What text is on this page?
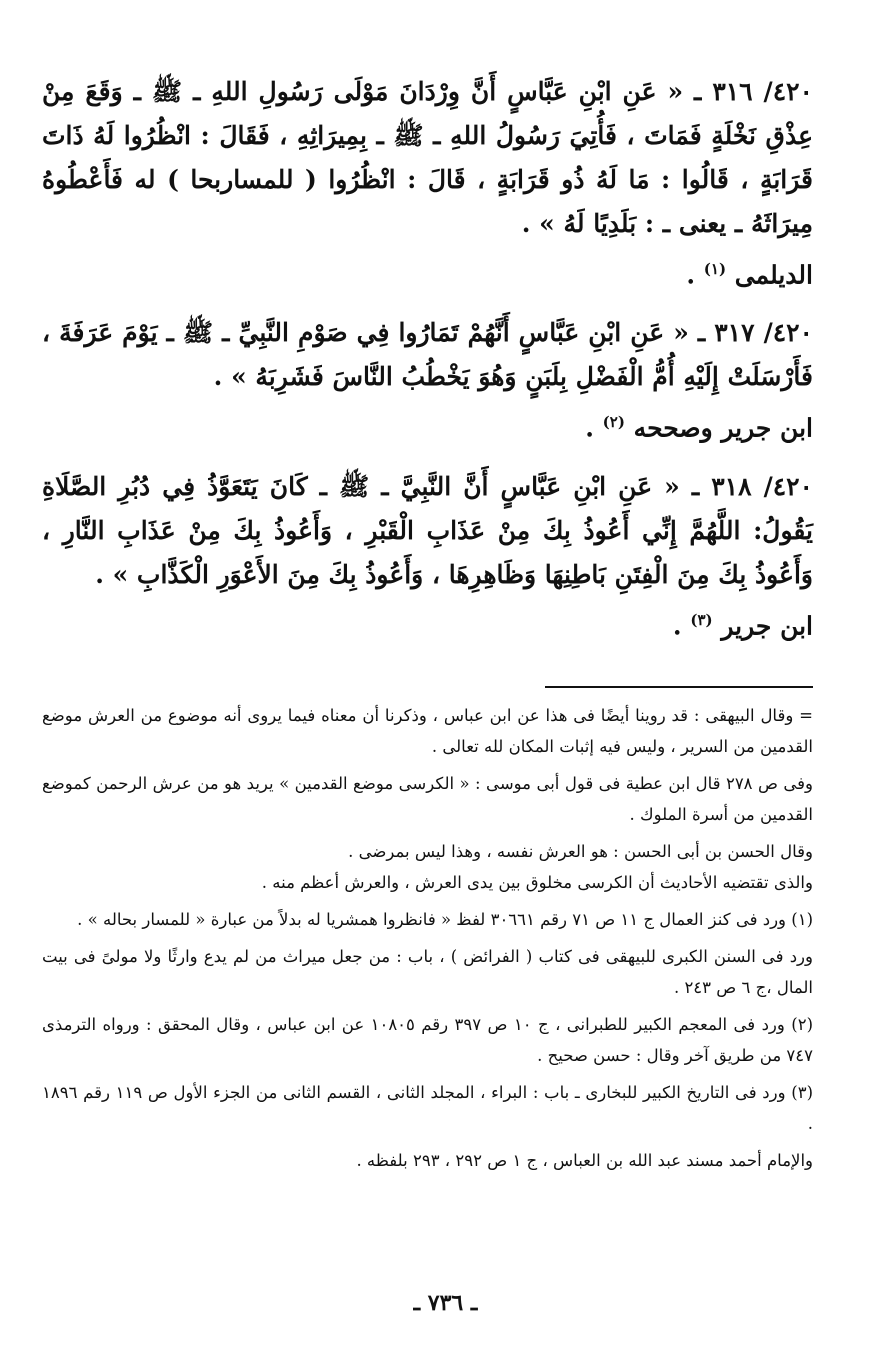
٤٢٠/ ٣١٦ ـ « عَنِ ابْنِ عَبَّاسٍ أَنَّ وِرْدَانَ مَوْلَى رَسُولِ اللهِ ـ ﷺ ـ وَقَعَ مِنْ عِذْقِ نَخْلَةٍ فَمَاتَ ، فَأُتِيَ رَسُولُ اللهِ ـ ﷺ ـ بِمِيرَاثِهِ ، فَقَالَ : انْظُرُوا لَهُ ذَاتَ قَرَابَةٍ ، قَالُوا : مَا لَهُ ذُو قَرَابَةٍ ، قَالَ : انْظُرُوا ( للمساربحا ) له فَأَعْطُوهُ مِيرَاثَهُ ـ يعنى ـ : بَلَدِيًا لَهُ » .

الديلمى $^{(١)}$ .

٤٢٠/ ٣١٧ ـ « عَنِ ابْنِ عَبَّاسٍ أَنَّهُمْ تَمَارُوا فِي صَوْمِ النَّبِيِّ ـ ﷺ ـ يَوْمَ عَرَفَةَ ، فَأَرْسَلَتْ إِلَيْهِ أُمُّ الْفَضْلِ بِلَبَنٍ وَهُوَ يَخْطُبُ النَّاسَ فَشَرِبَهُ » .

ابن جرير وصححه $^{(٢)}$ .

٤٢٠/ ٣١٨ ـ « عَنِ ابْنِ عَبَّاسٍ أَنَّ النَّبِيَّ ـ ﷺ ـ كَانَ يَتَعَوَّذُ فِي دُبُرِ الصَّلَاةِ يَقُولُ: اللَّهُمَّ إِنِّي أَعُوذُ بِكَ مِنْ عَذَابِ الْقَبْرِ ، وَأَعُوذُ بِكَ مِنْ عَذَابِ النَّارِ ، وَأَعُوذُ بِكَ مِنَ الْفِتَنِ بَاطِنِهَا وَظَاهِرِهَا ، وَأَعُوذُ بِكَ مِنَ الأَعْوَرِ الْكَذَّابِ » .

ابن جرير $^{(٣)}$ .

= وقال البيهقى : قد روينا أيضًا فى هذا عن ابن عباس ، وذكرنا أن معناه فيما يروى أنه موضوع من العرش موضع القدمين من السرير ، وليس فيه إثبات المكان لله تعالى .

وفى ص ٢٧٨ قال ابن عطية فى قول أبى موسى : « الكرسى موضع القدمين » يريد هو من عرش الرحمن كموضع القدمين من أسرة الملوك .

وقال الحسن بن أبى الحسن : هو العرش نفسه ، وهذا ليس بمرضى .

والذى تقتضيه الأحاديث أن الكرسى مخلوق بين يدى العرش ، والعرش أعظم منه .

(١) ورد فى كنز العمال ج ١١ ص ٧١ رقم ٣٠٦٦١ لفظ « فانظروا همشريا له بدلاً من عبارة « للمسار بحاله » .

ورد فى السنن الكبرى للبيهقى فى كتاب ( الفرائض ) ، باب : من جعل ميراث من لم يدع وارثًا ولا مولىً فى بيت المال ،ج ٦ ص ٢٤٣ .

(٢) ورد فى المعجم الكبير للطبرانى ، ج ١٠ ص ٣٩٧ رقم ١٠٨٠٥ عن ابن عباس ، وقال المحقق : ورواه الترمذى ٧٤٧ من طريق آخر وقال : حسن صحيح .

(٣) ورد فى التاريخ الكبير للبخارى ـ باب : البراء ، المجلد الثانى ، القسم الثانى من الجزء الأول ص ١١٩ رقم ١٨٩٦ .

والإمام أحمد مسند عبد الله بن العباس ، ج ١ ص ٢٩٢ ، ٢٩٣ بلفظه .

ـ ٧٣٦ ـ
